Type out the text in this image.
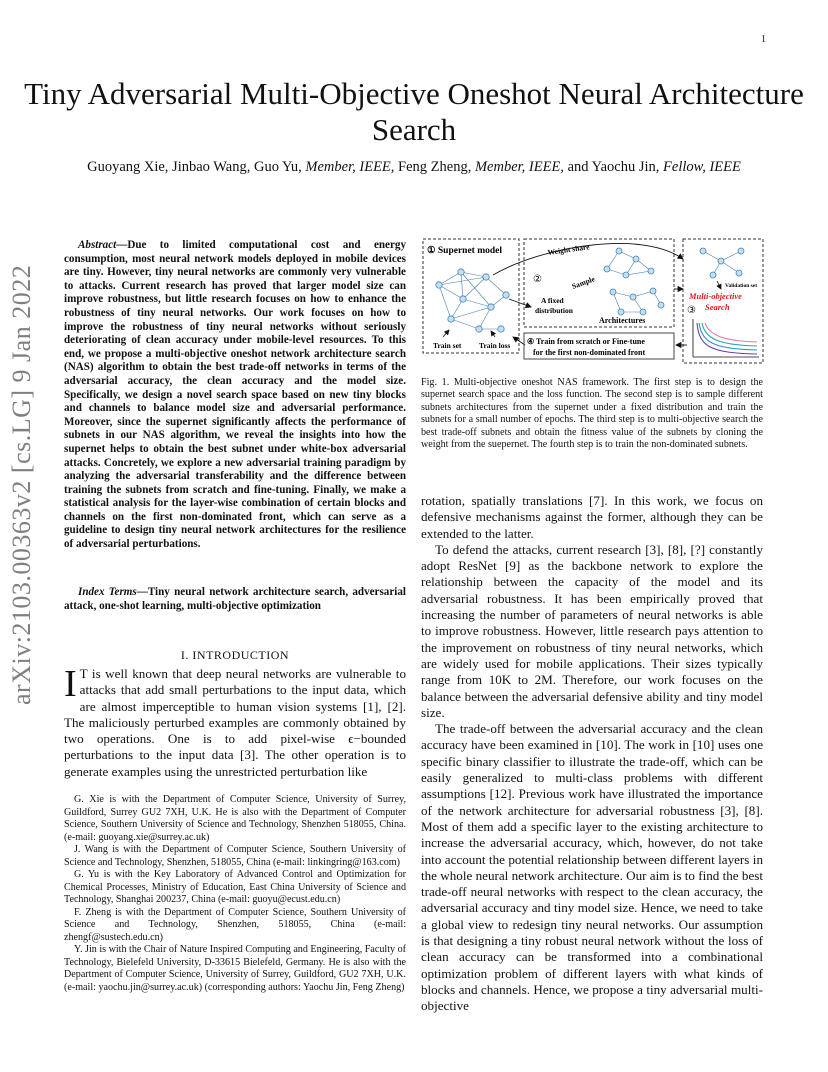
1
arXiv:2103.00363v2 [cs.LG] 9 Jan 2022
Tiny Adversarial Multi-Objective Oneshot Neural Architecture Search
Guoyang Xie, Jinbao Wang, Guo Yu, Member, IEEE, Feng Zheng, Member, IEEE, and Yaochu Jin, Fellow, IEEE

Abstract—Due to limited computational cost and energy consumption, most neural network models deployed in mobile devices are tiny. However, tiny neural networks are commonly very vulnerable to attacks. Current research has proved that larger model size can improve robustness, but little research focuses on how to enhance the robustness of tiny neural networks. Our work focuses on how to improve the robustness of tiny neural networks without seriously deteriorating of clean accuracy under mobile-level resources. To this end, we propose a multi-objective oneshot network architecture search (NAS) algorithm to obtain the best trade-off networks in terms of the adversarial accuracy, the clean accuracy and the model size. Specifically, we design a novel search space based on new tiny blocks and channels to balance model size and adversarial performance. Moreover, since the supernet significantly affects the performance of subnets in our NAS algorithm, we reveal the insights into how the supernet helps to obtain the best subnet under white-box adversarial attacks. Concretely, we explore a new adversarial training paradigm by analyzing the adversarial transferability and the difference between training the subnets from scratch and fine-tuning. Finally, we make a statistical analysis for the layer-wise combination of certain blocks and channels on the first non-dominated front, which can serve as a guideline to design tiny neural network architectures for the resilience of adversarial perturbations.

Index Terms—Tiny neural network architecture search, adversarial attack, one-shot learning, multi-objective optimization

I. INTRODUCTION

I T is well known that deep neural networks are vulnerable to attacks that add small perturbations to the input data, which are almost imperceptible to human vision systems [1], [2]. The maliciously perturbed examples are commonly obtained by two operations. One is to add pixel-wise ϵ−bounded perturbations to the input data [3]. The other operation is to generate examples using the unrestricted perturbation like

G. Xie is with the Department of Computer Science, University of Surrey, Guildford, Surrey GU2 7XH, U.K. He is also with the Department of Computer Science, Southern University of Science and Technology, Shenzhen 518055, China. (e-mail: guoyang.xie@surrey.ac.uk)

J. Wang is with the Department of Computer Science, Southern University of Science and Technology, Shenzhen, 518055, China (e-mail: linkingring@163.com)

G. Yu is with the Key Laboratory of Advanced Control and Optimization for Chemical Processes, Ministry of Education, East China University of Science and Technology, Shanghai 200237, China (e-mail: guoyu@ecust.edu.cn)

F. Zheng is with the Department of Computer Science, Southern University of Science and Technology, Shenzhen, 518055, China (e-mail: zhengf@sustech.edu.cn)

Y. Jin is with the Chair of Nature Inspired Computing and Engineering, Faculty of Technology, Bielefeld University, D-33615 Bielefeld, Germany. He is also with the Department of Computer Science, University of Surrey, Guildford, GU2 7XH, U.K. (e-mail: yaochu.jin@surrey.ac.uk) (corresponding authors: Yaochu Jin, Feng Zheng)

① Supernet model
Train set Train loss
Weight share
②	Sample
A fixed
distribution
Architectures
④ Train from scratch or Fine-tune
for the first non-dominated front
Validation set
Multi-objective
Search
③
Fig. 1. Multi-objective oneshot NAS framework. The first step is to design the supernet search space and the loss function. The second step is to sample different subnets architectures from the supernet under a fixed distribution and train the subnets for a small number of epochs. The third step is to multi-objective search the best trade-off subnets and obtain the fitness value of the subnets by cloning the weight from the suepernet. The fourth step is to train the non-dominated subnets.

rotation, spatially translations [7]. In this work, we focus on defensive mechanisms against the former, although they can be extended to the latter.

To defend the attacks, current research [3], [8], [?] constantly adopt ResNet [9] as the backbone network to explore the relationship between the capacity of the model and its adversarial robustness. It has been empirically proved that increasing the number of parameters of neural networks is able to improve robustness. However, little research pays attention to the improvement on robustness of tiny neural networks, which are widely used for mobile applications. Their sizes typically range from 10K to 2M. Therefore, our work focuses on the balance between the adversarial defensive ability and tiny model size.

The trade-off between the adversarial accuracy and the clean accuracy have been examined in [10]. The work in [10] uses one specific binary classifier to illustrate the trade-off, which can be easily generalized to multi-class problems with different assumptions [12]. Previous work have illustrated the importance of the network architecture for adversarial robustness [3], [8]. Most of them add a specific layer to the existing architecture to increase the adversarial accuracy, which, however, do not take into account the potential relationship between different layers in the whole neural network architecture. Our aim is to find the best trade-off neural networks with respect to the clean accuracy, the adversarial accuracy and tiny model size. Hence, we need to take a global view to redesign tiny neural networks. Our assumption is that designing a tiny robust neural network without the loss of clean accuracy can be transformed into a combinational optimization problem of different layers with what kinds of blocks and channels. Hence, we propose a tiny adversarial multi-objective
